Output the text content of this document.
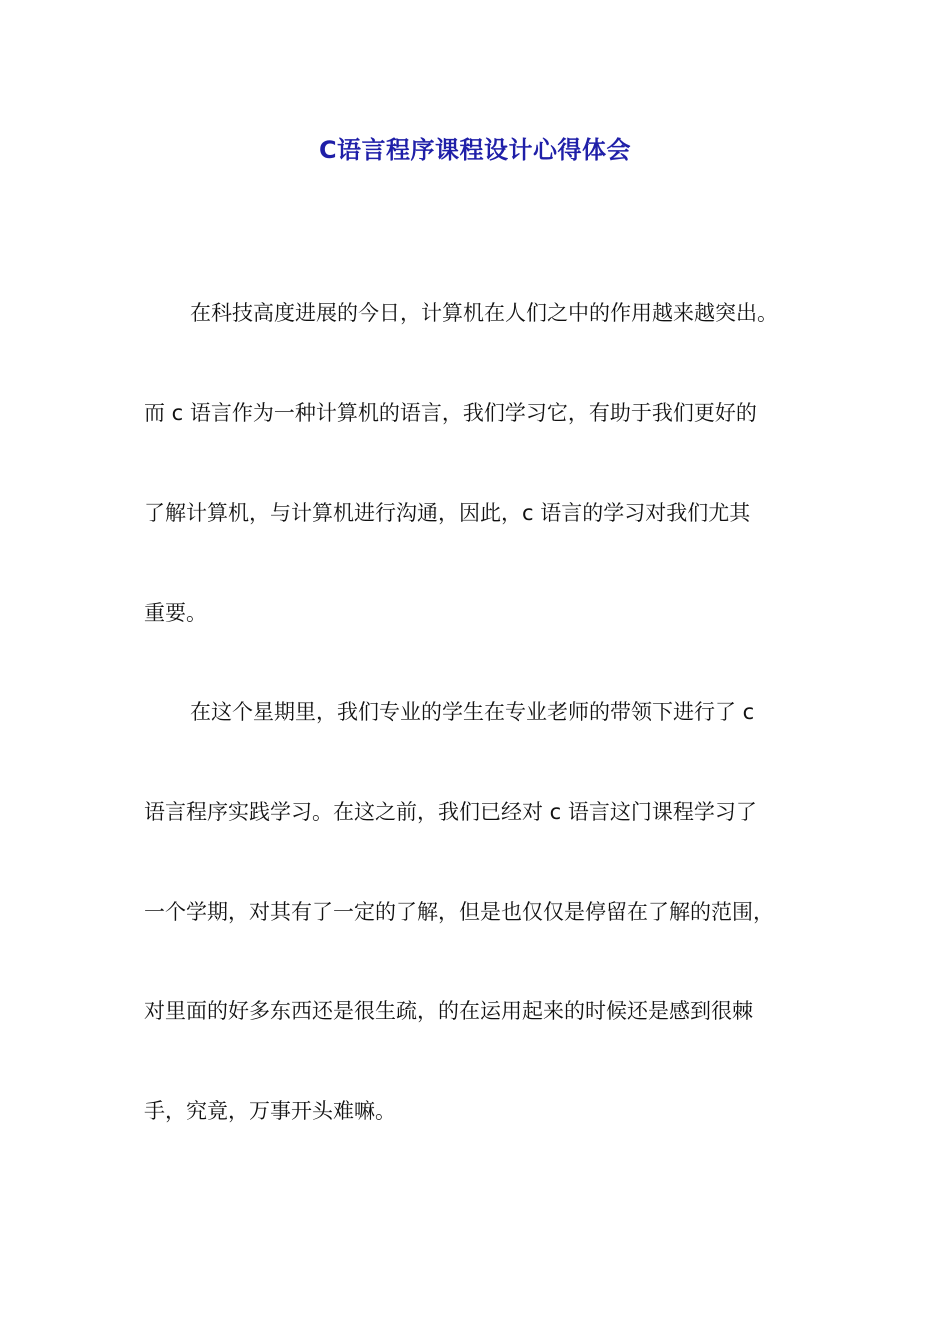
C语言程序课程设计心得体会

在科技高度进展的今日，计算机在人们之中的作用越来越突出。

而 c 语言作为一种计算机的语言，我们学习它，有助于我们更好的

了解计算机，与计算机进行沟通，因此，c 语言的学习对我们尤其

重要。

在这个星期里，我们专业的学生在专业老师的带领下进行了 c

语言程序实践学习。在这之前，我们已经对 c 语言这门课程学习了

一个学期，对其有了一定的了解，但是也仅仅是停留在了解的范围，

对里面的好多东西还是很生疏，的在运用起来的时候还是感到很棘

手，究竟，万事开头难嘛。
